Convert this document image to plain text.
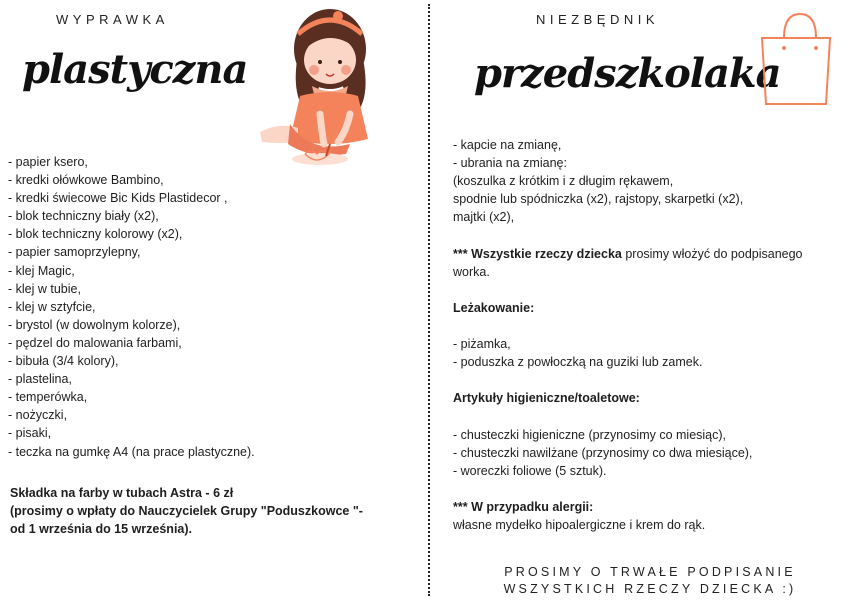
WYPRAWKA
plastyczna
- papier ksero,
- kredki ołówkowe Bambino,
- kredki świecowe Bic Kids Plastidecor ,
- blok techniczny biały (x2),
- blok techniczny kolorowy (x2),
- papier samoprzylepny,
- klej Magic,
- klej w tubie,
- klej w sztyfcie,
- brystol (w dowolnym kolorze),
- pędzel do malowania farbami,
- bibuła (3/4 kolory),
- plastelina,
- temperówka,
- nożyczki,
- pisaki,
- teczka na gumkę A4 (na prace plastyczne).
Składka na farby w tubach Astra - 6 zł
(prosimy o wpłaty do Nauczycielek Grupy "Poduszkowce "-
od 1 września do 15 września).
NIEZBĘDNIK
przedszkolaka
- kapcie na zmianę,
- ubrania na zmianę:
(koszulka z krótkim i z długim rękawem,
spodnie lub spódniczka (x2), rajstopy, skarpetki (x2),
majtki (x2),
*** Wszystkie rzeczy dziecka prosimy włożyć do podpisanego
worka.
Leżakowanie:
- piżamka,
- poduszka z powłoczką na guziki lub zamek.
Artykuły higieniczne/toaletowe:
- chusteczki higieniczne (przynosimy co miesiąc),
- chusteczki nawilżane (przynosimy co dwa miesiące),
- woreczki foliowe (5 sztuk).
*** W przypadku alergii:
własne mydełko hipoalergiczne i krem do rąk.
PROSIMY O TRWAŁE PODPISANIE
WSZYSTKICH RZECZY DZIECKA :)
